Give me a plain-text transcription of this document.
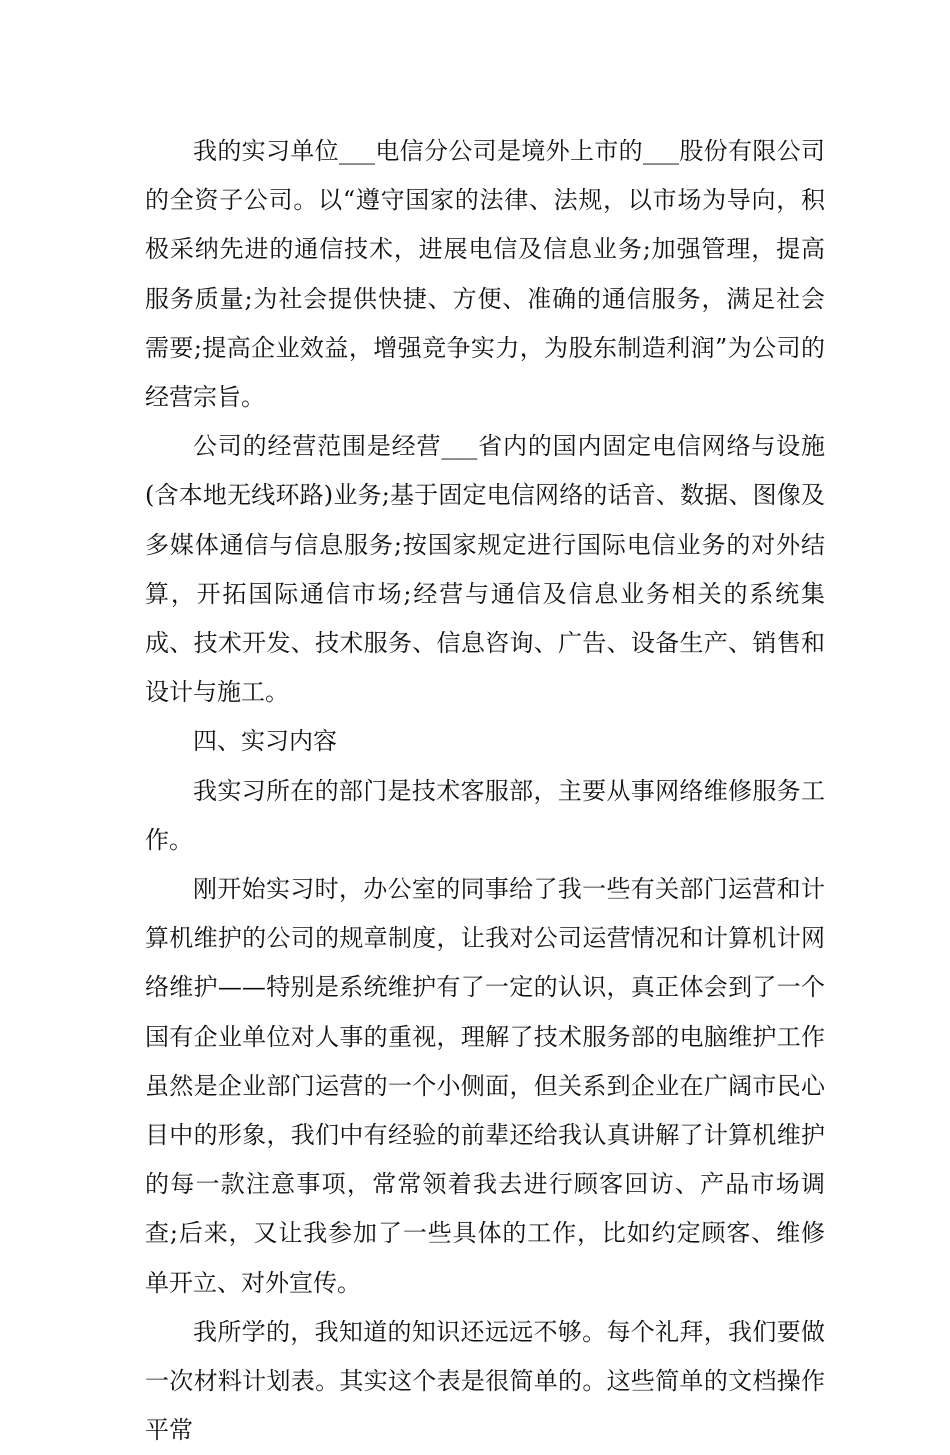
我的实习单位___电信分公司是境外上市的___股份有限公司的全资子公司。以“遵守国家的法律、法规，以市场为导向，积极采纳先进的通信技术，进展电信及信息业务;加强管理，提高服务质量;为社会提供快捷、方便、准确的通信服务，满足社会需要;提高企业效益，增强竞争实力，为股东制造利润”为公司的经营宗旨。

公司的经营范围是经营___省内的国内固定电信网络与设施(含本地无线环路)业务;基于固定电信网络的话音、数据、图像及多媒体通信与信息服务;按国家规定进行国际电信业务的对外结算，开拓国际通信市场;经营与通信及信息业务相关的系统集成、技术开发、技术服务、信息咨询、广告、设备生产、销售和设计与施工。

四、实习内容

我实习所在的部门是技术客服部，主要从事网络维修服务工作。

刚开始实习时，办公室的同事给了我一些有关部门运营和计算机维护的公司的规章制度，让我对公司运营情况和计算机计网络维护——特别是系统维护有了一定的认识，真正体会到了一个国有企业单位对人事的重视，理解了技术服务部的电脑维护工作虽然是企业部门运营的一个小侧面，但关系到企业在广阔市民心目中的形象，我们中有经验的前辈还给我认真讲解了计算机维护的每一款注意事项，常常领着我去进行顾客回访、产品市场调查;后来，又让我参加了一些具体的工作，比如约定顾客、维修单开立、对外宣传。

我所学的，我知道的知识还远远不够。每个礼拜，我们要做一次材料计划表。其实这个表是很简单的。这些简单的文档操作平常
